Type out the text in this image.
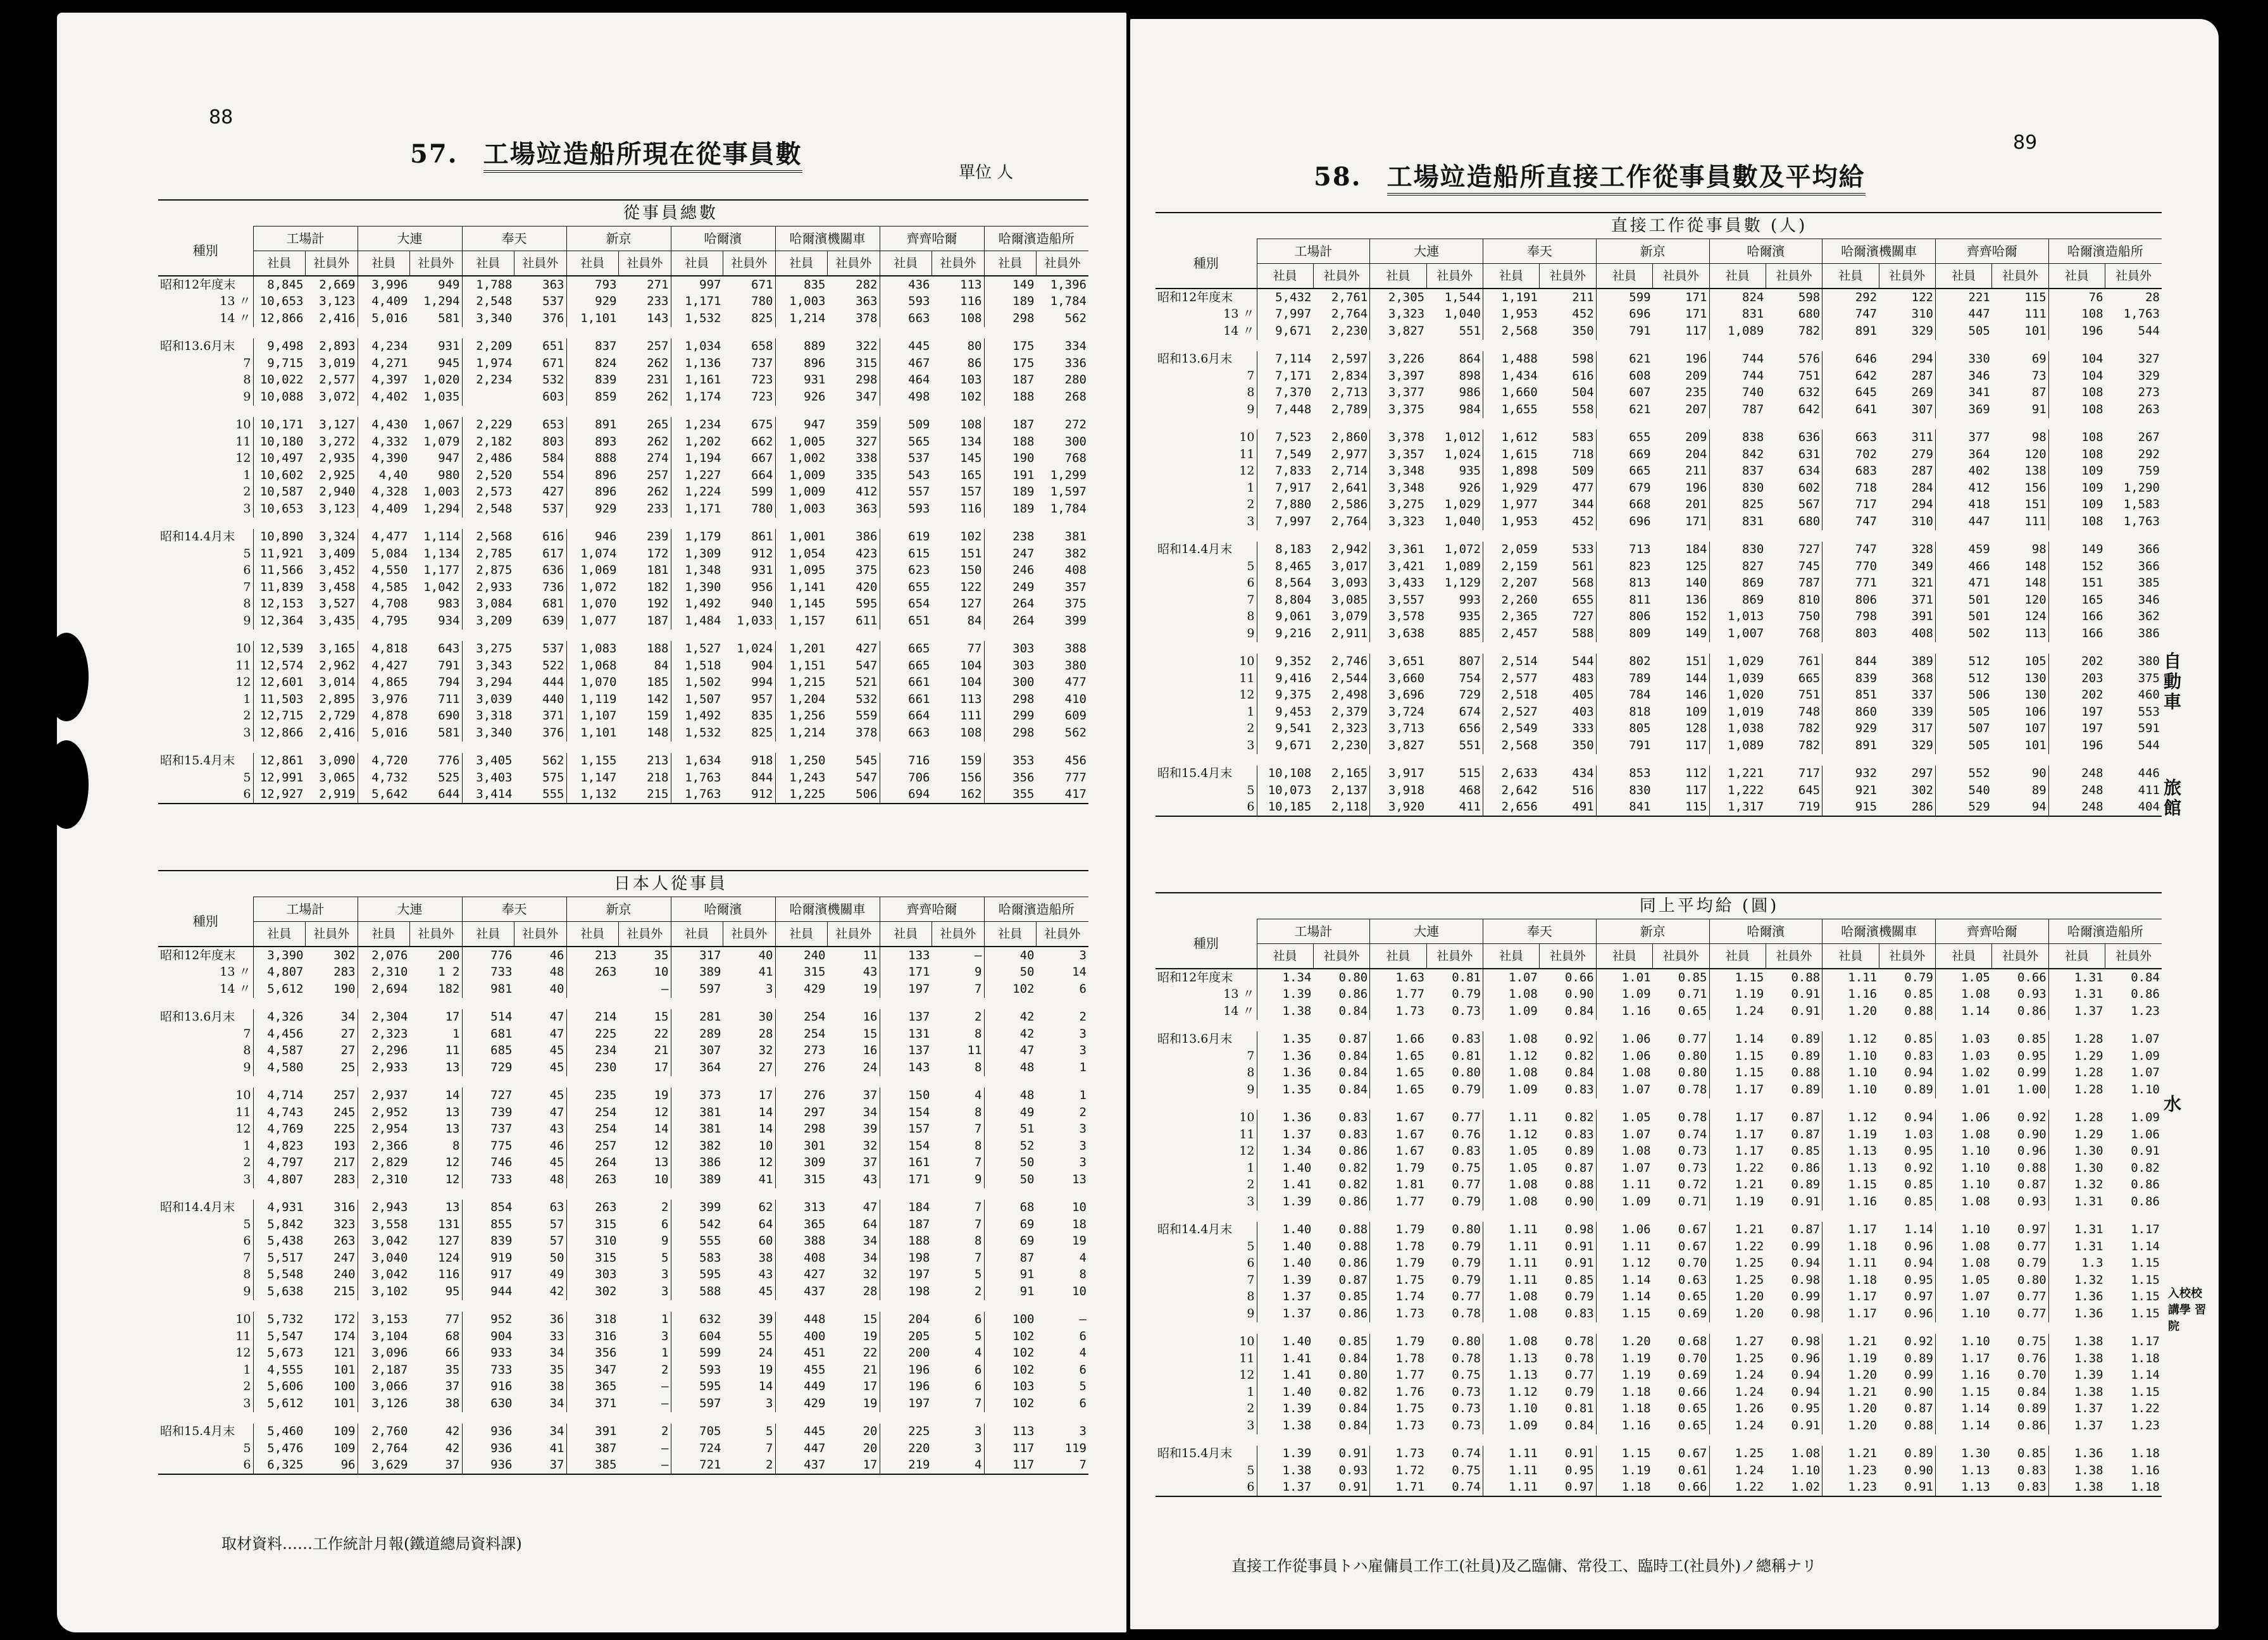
88
57. 工場竝造船所現在從事員數
單位 人
	從事員總數															
種別	工場計		大連		奉天		新京		哈爾濱		哈爾濱機關車		齊齊哈爾		哈爾濱造船所	
	社員	社員外	社員	社員外	社員	社員外	社員	社員外	社員	社員外	社員	社員外	社員	社員外	社員	社員外
昭和12年度末	8,845	2,669	3,996	949	1,788	363	793	271	997	671	835	282	436	113	149	1,396
13 〃	10,653	3,123	4,409	1,294	2,548	537	929	233	1,171	780	1,003	363	593	116	189	1,784
14 〃	12,866	2,416	5,016	581	3,340	376	1,101	143	1,532	825	1,214	378	663	108	298	562

昭和13.6月末	9,498	2,893	4,234	931	2,209	651	837	257	1,034	658	889	322	445	80	175	334
7	9,715	3,019	4,271	945	1,974	671	824	262	1,136	737	896	315	467	86	175	336
8	10,022	2,577	4,397	1,020	2,234	532	839	231	1,161	723	931	298	464	103	187	280
9	10,088	3,072	4,402	1,035		603	859	262	1,174	723	926	347	498	102	188	268

10	10,171	3,127	4,430	1,067	2,229	653	891	265	1,234	675	947	359	509	108	187	272
11	10,180	3,272	4,332	1,079	2,182	803	893	262	1,202	662	1,005	327	565	134	188	300
12	10,497	2,935	4,390	947	2,486	584	888	274	1,194	667	1,002	338	537	145	190	768
1	10,602	2,925	4,40	980	2,520	554	896	257	1,227	664	1,009	335	543	165	191	1,299
2	10,587	2,940	4,328	1,003	2,573	427	896	262	1,224	599	1,009	412	557	157	189	1,597
3	10,653	3,123	4,409	1,294	2,548	537	929	233	1,171	780	1,003	363	593	116	189	1,784

昭和14.4月末	10,890	3,324	4,477	1,114	2,568	616	946	239	1,179	861	1,001	386	619	102	238	381
5	11,921	3,409	5,084	1,134	2,785	617	1,074	172	1,309	912	1,054	423	615	151	247	382
6	11,566	3,452	4,550	1,177	2,875	636	1,069	181	1,348	931	1,095	375	623	150	246	408
7	11,839	3,458	4,585	1,042	2,933	736	1,072	182	1,390	956	1,141	420	655	122	249	357
8	12,153	3,527	4,708	983	3,084	681	1,070	192	1,492	940	1,145	595	654	127	264	375
9	12,364	3,435	4,795	934	3,209	639	1,077	187	1,484	1,033	1,157	611	651	84	264	399

10	12,539	3,165	4,818	643	3,275	537	1,083	188	1,527	1,024	1,201	427	665	77	303	388
11	12,574	2,962	4,427	791	3,343	522	1,068	84	1,518	904	1,151	547	665	104	303	380
12	12,601	3,014	4,865	794	3,294	444	1,070	185	1,502	994	1,215	521	661	104	300	477
1	11,503	2,895	3,976	711	3,039	440	1,119	142	1,507	957	1,204	532	661	113	298	410
2	12,715	2,729	4,878	690	3,318	371	1,107	159	1,492	835	1,256	559	664	111	299	609
3	12,866	2,416	5,016	581	3,340	376	1,101	148	1,532	825	1,214	378	663	108	298	562

昭和15.4月末	12,861	3,090	4,720	776	3,405	562	1,155	213	1,634	918	1,250	545	716	159	353	456
5	12,991	3,065	4,732	525	3,403	575	1,147	218	1,763	844	1,243	547	706	156	356	777
6	12,927	2,919	5,642	644	3,414	555	1,132	215	1,763	912	1,225	506	694	162	355	417
	日本人從事員															
種別	工場計		大連		奉天		新京		哈爾濱		哈爾濱機關車		齊齊哈爾		哈爾濱造船所	
	社員	社員外	社員	社員外	社員	社員外	社員	社員外	社員	社員外	社員	社員外	社員	社員外	社員	社員外
昭和12年度末	3,390	302	2,076	200	776	46	213	35	317	40	240	11	133	—	40	3
13 〃	4,807	283	2,310	1 2	733	48	263	10	389	41	315	43	171	9	50	14
14 〃	5,612	190	2,694	182	981	40		—	597	3	429	19	197	7	102	6

昭和13.6月末	4,326	34	2,304	17	514	47	214	15	281	30	254	16	137	2	42	2
7	4,456	27	2,323	1	681	47	225	22	289	28	254	15	131	8	42	3
8	4,587	27	2,296	11	685	45	234	21	307	32	273	16	137	11	47	3
9	4,580	25	2,933	13	729	45	230	17	364	27	276	24	143	8	48	1

10	4,714	257	2,937	14	727	45	235	19	373	17	276	37	150	4	48	1
11	4,743	245	2,952	13	739	47	254	12	381	14	297	34	154	8	49	2
12	4,769	225	2,954	13	737	43	254	14	381	14	298	39	157	7	51	3
1	4,823	193	2,366	8	775	46	257	12	382	10	301	32	154	8	52	3
2	4,797	217	2,829	12	746	45	264	13	386	12	309	37	161	7	50	3
3	4,807	283	2,310	12	733	48	263	10	389	41	315	43	171	9	50	13

昭和14.4月末	4,931	316	2,943	13	854	63	263	2	399	62	313	47	184	7	68	10
5	5,842	323	3,558	131	855	57	315	6	542	64	365	64	187	7	69	18
6	5,438	263	3,042	127	839	57	310	9	555	60	388	34	188	8	69	19
7	5,517	247	3,040	124	919	50	315	5	583	38	408	34	198	7	87	4
8	5,548	240	3,042	116	917	49	303	3	595	43	427	32	197	5	91	8
9	5,638	215	3,102	95	944	42	302	3	588	45	437	28	198	2	91	10

10	5,732	172	3,153	77	952	36	318	1	632	39	448	15	204	6	100	—
11	5,547	174	3,104	68	904	33	316	3	604	55	400	19	205	5	102	6
12	5,673	121	3,096	66	933	34	356	1	599	24	451	22	200	4	102	4
1	4,555	101	2,187	35	733	35	347	2	593	19	455	21	196	6	102	6
2	5,606	100	3,066	37	916	38	365	—	595	14	449	17	196	6	103	5
3	5,612	101	3,126	38	630	34	371	—	597	3	429	19	197	7	102	6

昭和15.4月末	5,460	109	2,760	42	936	34	391	2	705	5	445	20	225	3	113	3
5	5,476	109	2,764	42	936	41	387	—	724	7	447	20	220	3	117	119
6	6,325	96	3,629	37	936	37	385	—	721	2	437	17	219	4	117	7
取材資料……工作統計月報(鐵道總局資料課)
89
58. 工場竝造船所直接工作從事員數及平均給
	直接工作從事員數 (人)															
種別	工場計		大連		奉天		新京		哈爾濱		哈爾濱機關車		齊齊哈爾		哈爾濱造船所	
	社員	社員外	社員	社員外	社員	社員外	社員	社員外	社員	社員外	社員	社員外	社員	社員外	社員	社員外
昭和12年度末	5,432	2,761	2,305	1,544	1,191	211	599	171	824	598	292	122	221	115	76	28
13 〃	7,997	2,764	3,323	1,040	1,953	452	696	171	831	680	747	310	447	111	108	1,763
14 〃	9,671	2,230	3,827	551	2,568	350	791	117	1,089	782	891	329	505	101	196	544

昭和13.6月末	7,114	2,597	3,226	864	1,488	598	621	196	744	576	646	294	330	69	104	327
7	7,171	2,834	3,397	898	1,434	616	608	209	744	751	642	287	346	73	104	329
8	7,370	2,713	3,377	986	1,660	504	607	235	740	632	645	269	341	87	108	273
9	7,448	2,789	3,375	984	1,655	558	621	207	787	642	641	307	369	91	108	263

10	7,523	2,860	3,378	1,012	1,612	583	655	209	838	636	663	311	377	98	108	267
11	7,549	2,977	3,357	1,024	1,615	718	669	204	842	631	702	279	364	120	108	292
12	7,833	2,714	3,348	935	1,898	509	665	211	837	634	683	287	402	138	109	759
1	7,917	2,641	3,348	926	1,929	477	679	196	830	602	718	284	412	156	109	1,290
2	7,880	2,586	3,275	1,029	1,977	344	668	201	825	567	717	294	418	151	109	1,583
3	7,997	2,764	3,323	1,040	1,953	452	696	171	831	680	747	310	447	111	108	1,763

昭和14.4月末	8,183	2,942	3,361	1,072	2,059	533	713	184	830	727	747	328	459	98	149	366
5	8,465	3,017	3,421	1,089	2,159	561	823	125	827	745	770	349	466	148	152	366
6	8,564	3,093	3,433	1,129	2,207	568	813	140	869	787	771	321	471	148	151	385
7	8,804	3,085	3,557	993	2,260	655	811	136	869	810	806	371	501	120	165	346
8	9,061	3,079	3,578	935	2,365	727	806	152	1,013	750	798	391	501	124	166	362
9	9,216	2,911	3,638	885	2,457	588	809	149	1,007	768	803	408	502	113	166	386

10	9,352	2,746	3,651	807	2,514	544	802	151	1,029	761	844	389	512	105	202	380
11	9,416	2,544	3,660	754	2,577	483	789	144	1,039	665	839	368	512	130	203	375
12	9,375	2,498	3,696	729	2,518	405	784	146	1,020	751	851	337	506	130	202	460
1	9,453	2,379	3,724	674	2,527	403	818	109	1,019	748	860	339	505	106	197	553
2	9,541	2,323	3,713	656	2,549	333	805	128	1,038	782	929	317	507	107	197	591
3	9,671	2,230	3,827	551	2,568	350	791	117	1,089	782	891	329	505	101	196	544

昭和15.4月末	10,108	2,165	3,917	515	2,633	434	853	112	1,221	717	932	297	552	90	248	446
5	10,073	2,137	3,918	468	2,642	516	830	117	1,222	645	921	302	540	89	248	411
6	10,185	2,118	3,920	411	2,656	491	841	115	1,317	719	915	286	529	94	248	404
	同上平均給 (圓)															
種別	工場計		大連		奉天		新京		哈爾濱		哈爾濱機關車		齊齊哈爾		哈爾濱造船所	
	社員	社員外	社員	社員外	社員	社員外	社員	社員外	社員	社員外	社員	社員外	社員	社員外	社員	社員外
昭和12年度末	1.34	0.80	1.63	0.81	1.07	0.66	1.01	0.85	1.15	0.88	1.11	0.79	1.05	0.66	1.31	0.84
13 〃	1.39	0.86	1.77	0.79	1.08	0.90	1.09	0.71	1.19	0.91	1.16	0.85	1.08	0.93	1.31	0.86
14 〃	1.38	0.84	1.73	0.73	1.09	0.84	1.16	0.65	1.24	0.91	1.20	0.88	1.14	0.86	1.37	1.23

昭和13.6月末	1.35	0.87	1.66	0.83	1.08	0.92	1.06	0.77	1.14	0.89	1.12	0.85	1.03	0.85	1.28	1.07
7	1.36	0.84	1.65	0.81	1.12	0.82	1.06	0.80	1.15	0.89	1.10	0.83	1.03	0.95	1.29	1.09
8	1.36	0.84	1.65	0.80	1.08	0.84	1.08	0.80	1.15	0.88	1.10	0.94	1.02	0.99	1.28	1.07
9	1.35	0.84	1.65	0.79	1.09	0.83	1.07	0.78	1.17	0.89	1.10	0.89	1.01	1.00	1.28	1.10

10	1.36	0.83	1.67	0.77	1.11	0.82	1.05	0.78	1.17	0.87	1.12	0.94	1.06	0.92	1.28	1.09
11	1.37	0.83	1.67	0.76	1.12	0.83	1.07	0.74	1.17	0.87	1.19	1.03	1.08	0.90	1.29	1.06
12	1.34	0.86	1.67	0.83	1.05	0.89	1.08	0.73	1.17	0.85	1.13	0.95	1.10	0.96	1.30	0.91
1	1.40	0.82	1.79	0.75	1.05	0.87	1.07	0.73	1.22	0.86	1.13	0.92	1.10	0.88	1.30	0.82
2	1.41	0.82	1.81	0.77	1.08	0.88	1.11	0.72	1.21	0.89	1.15	0.85	1.10	0.87	1.32	0.86
3	1.39	0.86	1.77	0.79	1.08	0.90	1.09	0.71	1.19	0.91	1.16	0.85	1.08	0.93	1.31	0.86

昭和14.4月末	1.40	0.88	1.79	0.80	1.11	0.98	1.06	0.67	1.21	0.87	1.17	1.14	1.10	0.97	1.31	1.17
5	1.40	0.88	1.78	0.79	1.11	0.91	1.11	0.67	1.22	0.99	1.18	0.96	1.08	0.77	1.31	1.14
6	1.40	0.86	1.79	0.79	1.11	0.91	1.12	0.70	1.25	0.94	1.11	0.94	1.08	0.79	1.3	1.15
7	1.39	0.87	1.75	0.79	1.11	0.85	1.14	0.63	1.25	0.98	1.18	0.95	1.05	0.80	1.32	1.15
8	1.37	0.85	1.74	0.77	1.08	0.79	1.14	0.65	1.20	0.99	1.17	0.97	1.07	0.77	1.36	1.15
9	1.37	0.86	1.73	0.78	1.08	0.83	1.15	0.69	1.20	0.98	1.17	0.96	1.10	0.77	1.36	1.15

10	1.40	0.85	1.79	0.80	1.08	0.78	1.20	0.68	1.27	0.98	1.21	0.92	1.10	0.75	1.38	1.17
11	1.41	0.84	1.78	0.78	1.13	0.78	1.19	0.70	1.25	0.96	1.19	0.89	1.17	0.76	1.38	1.18
12	1.41	0.80	1.77	0.75	1.13	0.77	1.19	0.69	1.24	0.94	1.20	0.99	1.16	0.70	1.39	1.14
1	1.40	0.82	1.76	0.73	1.12	0.79	1.18	0.66	1.24	0.94	1.21	0.90	1.15	0.84	1.38	1.15
2	1.39	0.84	1.75	0.73	1.10	0.81	1.18	0.65	1.26	0.95	1.20	0.87	1.14	0.89	1.37	1.22
3	1.38	0.84	1.73	0.73	1.09	0.84	1.16	0.65	1.24	0.91	1.20	0.88	1.14	0.86	1.37	1.23

昭和15.4月末	1.39	0.91	1.73	0.74	1.11	0.91	1.15	0.67	1.25	1.08	1.21	0.89	1.30	0.85	1.36	1.18
5	1.38	0.93	1.72	0.75	1.11	0.95	1.19	0.61	1.24	1.10	1.23	0.90	1.13	0.83	1.38	1.16
6	1.37	0.91	1.71	0.74	1.11	0.97	1.18	0.66	1.22	1.02	1.23	0.91	1.13	0.83	1.38	1.18
直接工作從事員トハ雇傭員工作工(社員)及乙臨傭、常役工、臨時工(社員外)ノ總稱ナリ
自動車
旅館
水
入校校 講學 習院
